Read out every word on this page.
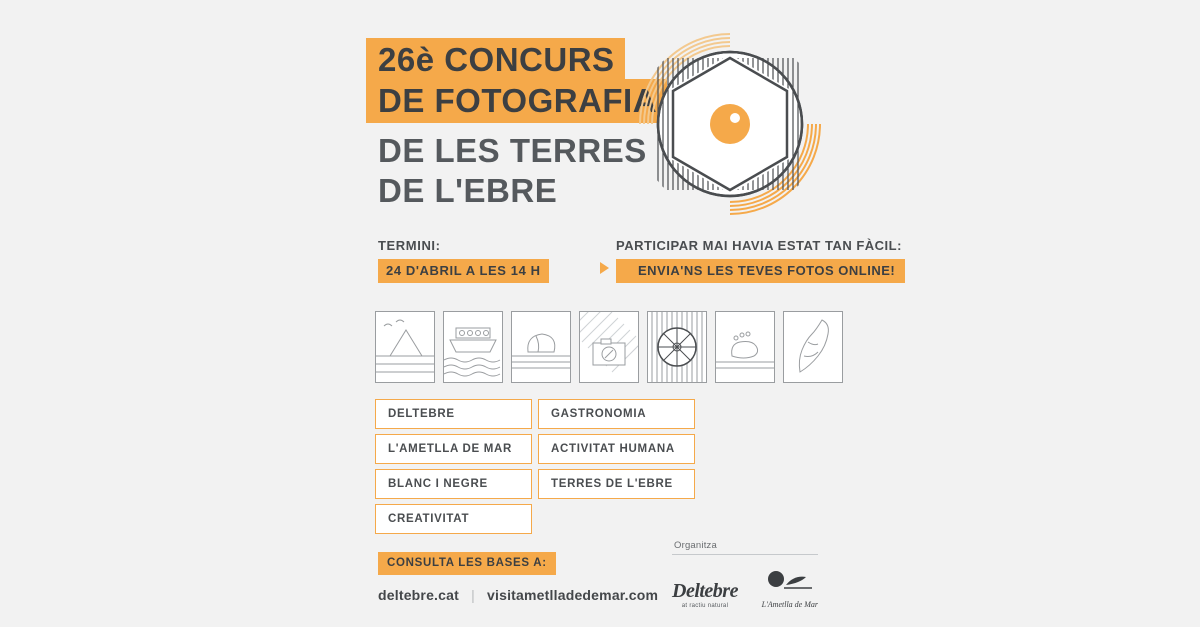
26è CONCURS DE FOTOGRAFIA
DE LES TERRES
DE L'EBRE
TERMINI:
24 D'ABRIL A LES 14 H
PARTICIPAR MAI HAVIA ESTAT TAN FÀCIL:
ENVIA'NS LES TEVES FOTOS ONLINE!
DELTEBRE
L'AMETLLA DE MAR
BLANC I NEGRE
CREATIVITAT
GASTRONOMIA
ACTIVITAT HUMANA
TERRES DE L'EBRE
CONSULTA LES BASES A:
deltebre.cat | visitametlladedemar.com
Organitza
Deltebre
at ractiu natural	L'Ametlla de Mar
